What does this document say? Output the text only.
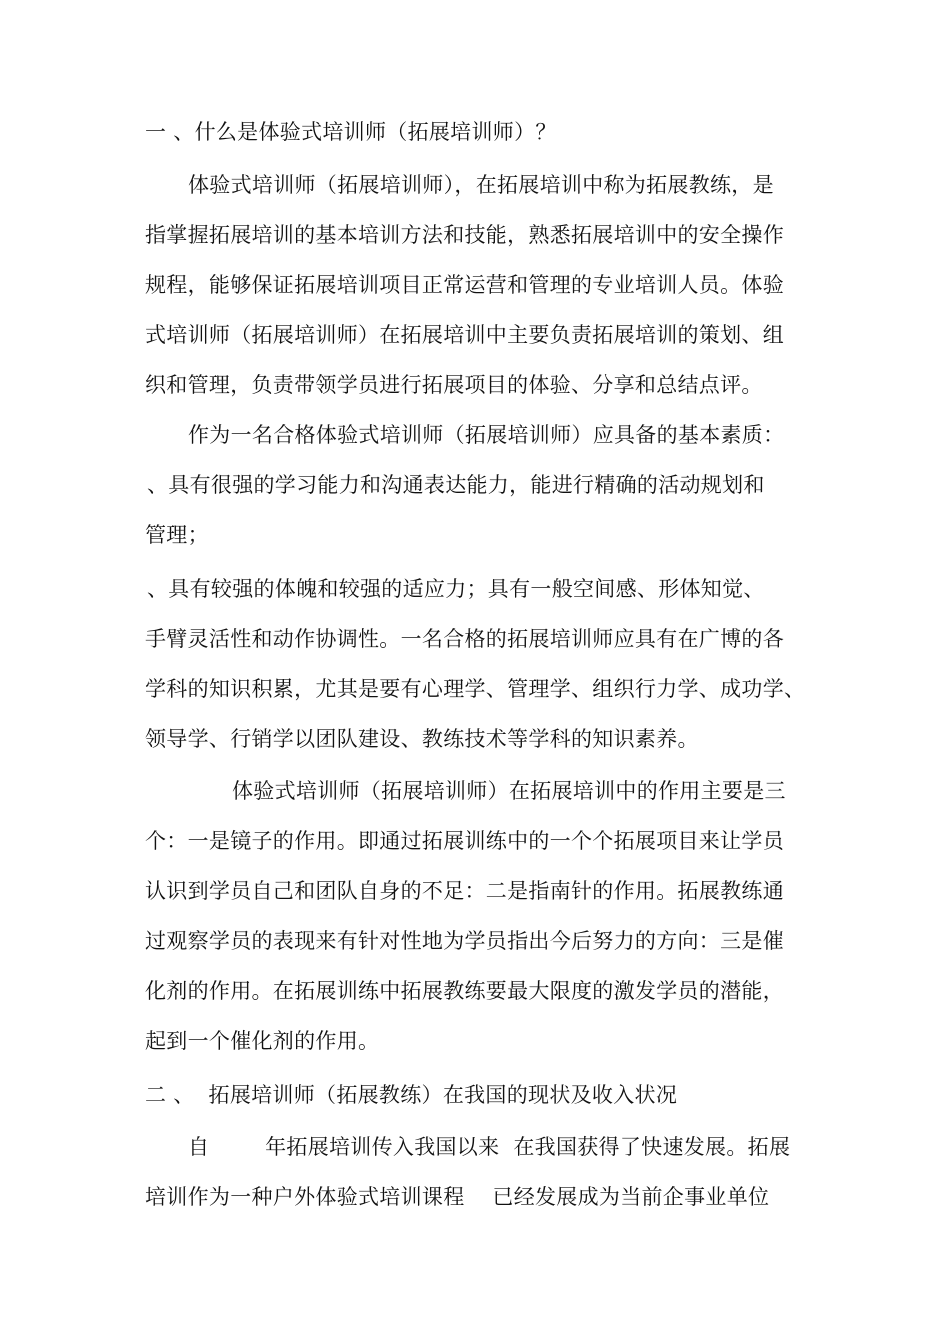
一 、什么是体验式培训师（拓展培训师）？
体验式培训师（拓展培训师），在拓展培训中称为拓展教练，是
指掌握拓展培训的基本培训方法和技能，熟悉拓展培训中的安全操作
规程，能够保证拓展培训项目正常运营和管理的专业培训人员。体验
式培训师（拓展培训师）在拓展培训中主要负责拓展培训的策划、组
织和管理，负责带领学员进行拓展项目的体验、分享和总结点评。
作为一名合格体验式培训师（拓展培训师）应具备的基本素质：
、具有很强的学习能力和沟通表达能力，能进行精确的活动规划和
管理；
、具有较强的体魄和较强的适应力；具有一般空间感、形体知觉、
手臂灵活性和动作协调性。一名合格的拓展培训师应具有在广博的各
学科的知识积累，尤其是要有心理学、管理学、组织行力学、成功学、
领导学、行销学以团队建设、教练技术等学科的知识素养。
体验式培训师（拓展培训师）在拓展培训中的作用主要是三
个：一是镜子的作用。即通过拓展训练中的一个个拓展项目来让学员
认识到学员自己和团队自身的不足：二是指南针的作用。拓展教练通
过观察学员的表现来有针对性地为学员指出今后努力的方向：三是催
化剂的作用。在拓展训练中拓展教练要最大限度的激发学员的潜能，
起到一个催化剂的作用。
二 、  拓展培训师（拓展教练）在我国的现状及收入状况
自        年拓展培训传入我国以来  在我国获得了快速发展。拓展
培训作为一种户外体验式培训课程    已经发展成为当前企事业单位
